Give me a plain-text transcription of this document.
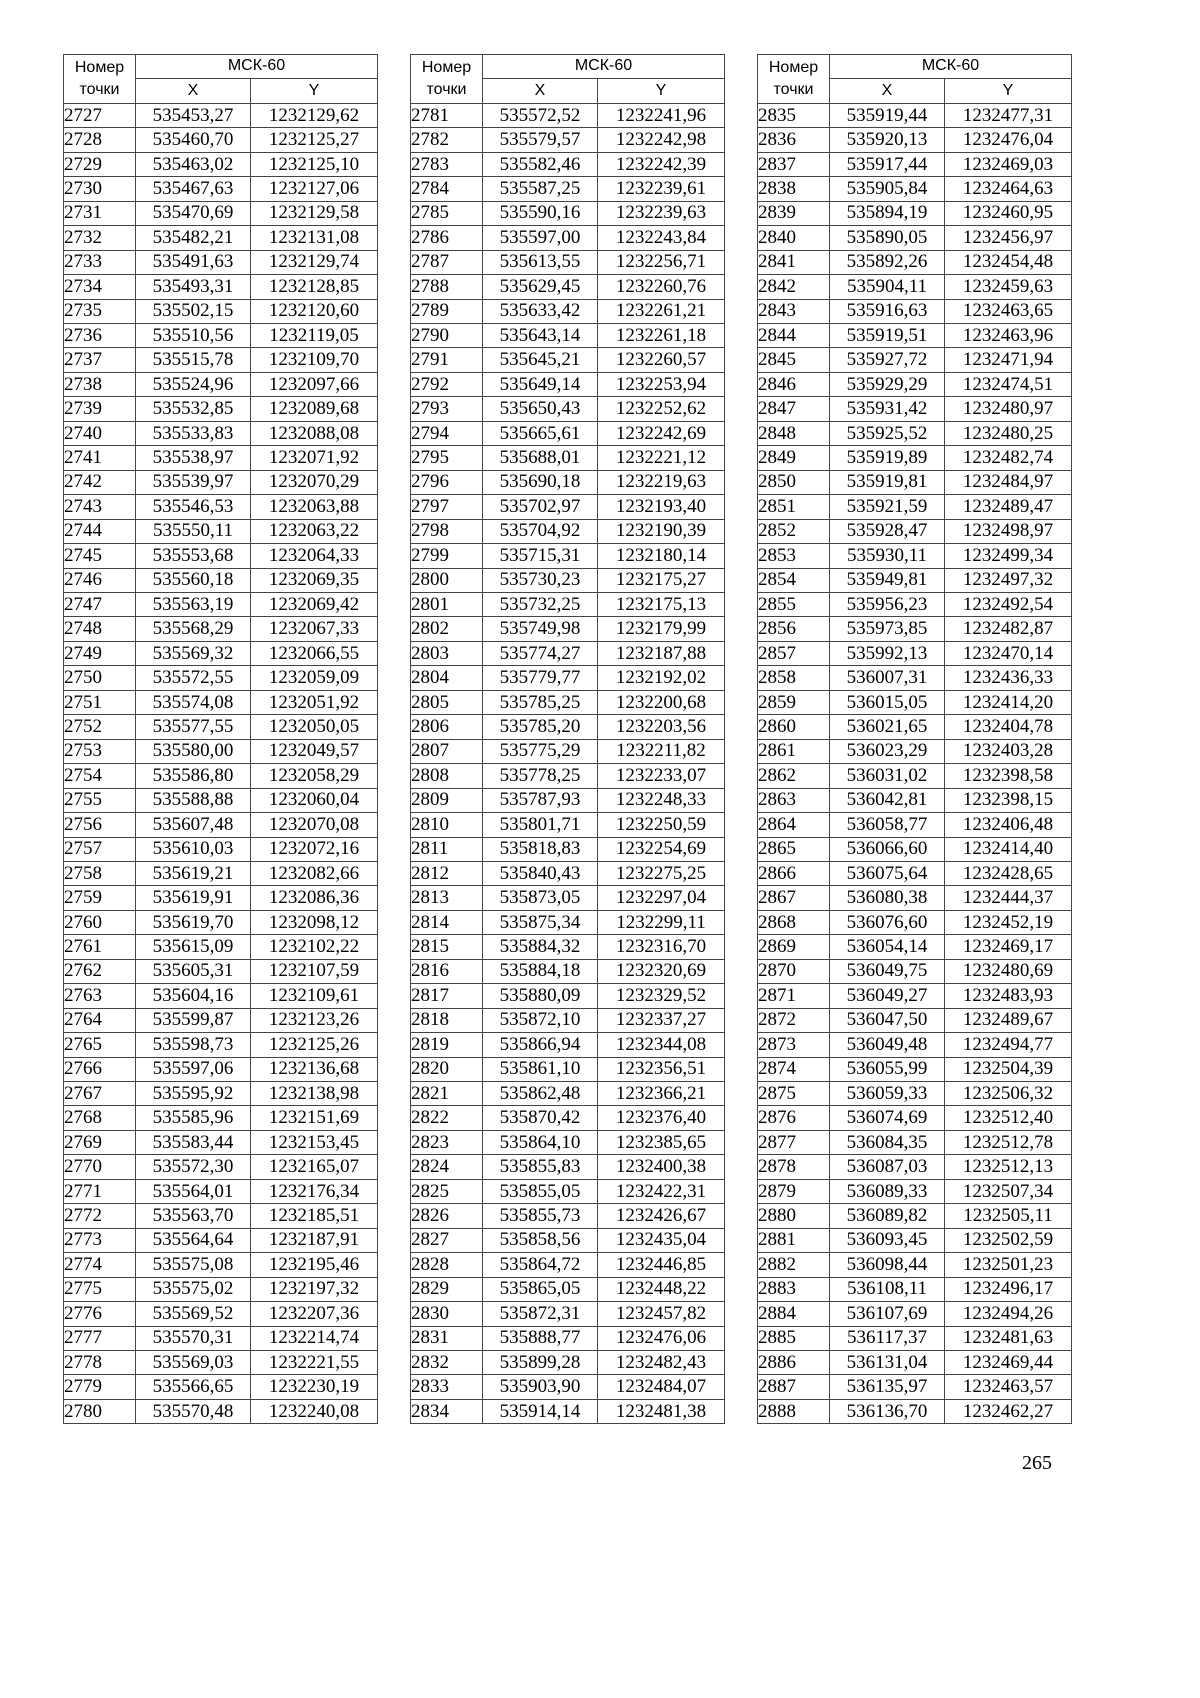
Номер
точки	МСК-60	
	X	Y
2727	535453,27	1232129,62
2728	535460,70	1232125,27
2729	535463,02	1232125,10
2730	535467,63	1232127,06
2731	535470,69	1232129,58
2732	535482,21	1232131,08
2733	535491,63	1232129,74
2734	535493,31	1232128,85
2735	535502,15	1232120,60
2736	535510,56	1232119,05
2737	535515,78	1232109,70
2738	535524,96	1232097,66
2739	535532,85	1232089,68
2740	535533,83	1232088,08
2741	535538,97	1232071,92
2742	535539,97	1232070,29
2743	535546,53	1232063,88
2744	535550,11	1232063,22
2745	535553,68	1232064,33
2746	535560,18	1232069,35
2747	535563,19	1232069,42
2748	535568,29	1232067,33
2749	535569,32	1232066,55
2750	535572,55	1232059,09
2751	535574,08	1232051,92
2752	535577,55	1232050,05
2753	535580,00	1232049,57
2754	535586,80	1232058,29
2755	535588,88	1232060,04
2756	535607,48	1232070,08
2757	535610,03	1232072,16
2758	535619,21	1232082,66
2759	535619,91	1232086,36
2760	535619,70	1232098,12
2761	535615,09	1232102,22
2762	535605,31	1232107,59
2763	535604,16	1232109,61
2764	535599,87	1232123,26
2765	535598,73	1232125,26
2766	535597,06	1232136,68
2767	535595,92	1232138,98
2768	535585,96	1232151,69
2769	535583,44	1232153,45
2770	535572,30	1232165,07
2771	535564,01	1232176,34
2772	535563,70	1232185,51
2773	535564,64	1232187,91
2774	535575,08	1232195,46
2775	535575,02	1232197,32
2776	535569,52	1232207,36
2777	535570,31	1232214,74
2778	535569,03	1232221,55
2779	535566,65	1232230,19
2780	535570,48	1232240,08
Номер
точки	МСК-60	
	X	Y
2781	535572,52	1232241,96
2782	535579,57	1232242,98
2783	535582,46	1232242,39
2784	535587,25	1232239,61
2785	535590,16	1232239,63
2786	535597,00	1232243,84
2787	535613,55	1232256,71
2788	535629,45	1232260,76
2789	535633,42	1232261,21
2790	535643,14	1232261,18
2791	535645,21	1232260,57
2792	535649,14	1232253,94
2793	535650,43	1232252,62
2794	535665,61	1232242,69
2795	535688,01	1232221,12
2796	535690,18	1232219,63
2797	535702,97	1232193,40
2798	535704,92	1232190,39
2799	535715,31	1232180,14
2800	535730,23	1232175,27
2801	535732,25	1232175,13
2802	535749,98	1232179,99
2803	535774,27	1232187,88
2804	535779,77	1232192,02
2805	535785,25	1232200,68
2806	535785,20	1232203,56
2807	535775,29	1232211,82
2808	535778,25	1232233,07
2809	535787,93	1232248,33
2810	535801,71	1232250,59
2811	535818,83	1232254,69
2812	535840,43	1232275,25
2813	535873,05	1232297,04
2814	535875,34	1232299,11
2815	535884,32	1232316,70
2816	535884,18	1232320,69
2817	535880,09	1232329,52
2818	535872,10	1232337,27
2819	535866,94	1232344,08
2820	535861,10	1232356,51
2821	535862,48	1232366,21
2822	535870,42	1232376,40
2823	535864,10	1232385,65
2824	535855,83	1232400,38
2825	535855,05	1232422,31
2826	535855,73	1232426,67
2827	535858,56	1232435,04
2828	535864,72	1232446,85
2829	535865,05	1232448,22
2830	535872,31	1232457,82
2831	535888,77	1232476,06
2832	535899,28	1232482,43
2833	535903,90	1232484,07
2834	535914,14	1232481,38
Номер
точки	МСК-60	
	X	Y
2835	535919,44	1232477,31
2836	535920,13	1232476,04
2837	535917,44	1232469,03
2838	535905,84	1232464,63
2839	535894,19	1232460,95
2840	535890,05	1232456,97
2841	535892,26	1232454,48
2842	535904,11	1232459,63
2843	535916,63	1232463,65
2844	535919,51	1232463,96
2845	535927,72	1232471,94
2846	535929,29	1232474,51
2847	535931,42	1232480,97
2848	535925,52	1232480,25
2849	535919,89	1232482,74
2850	535919,81	1232484,97
2851	535921,59	1232489,47
2852	535928,47	1232498,97
2853	535930,11	1232499,34
2854	535949,81	1232497,32
2855	535956,23	1232492,54
2856	535973,85	1232482,87
2857	535992,13	1232470,14
2858	536007,31	1232436,33
2859	536015,05	1232414,20
2860	536021,65	1232404,78
2861	536023,29	1232403,28
2862	536031,02	1232398,58
2863	536042,81	1232398,15
2864	536058,77	1232406,48
2865	536066,60	1232414,40
2866	536075,64	1232428,65
2867	536080,38	1232444,37
2868	536076,60	1232452,19
2869	536054,14	1232469,17
2870	536049,75	1232480,69
2871	536049,27	1232483,93
2872	536047,50	1232489,67
2873	536049,48	1232494,77
2874	536055,99	1232504,39
2875	536059,33	1232506,32
2876	536074,69	1232512,40
2877	536084,35	1232512,78
2878	536087,03	1232512,13
2879	536089,33	1232507,34
2880	536089,82	1232505,11
2881	536093,45	1232502,59
2882	536098,44	1232501,23
2883	536108,11	1232496,17
2884	536107,69	1232494,26
2885	536117,37	1232481,63
2886	536131,04	1232469,44
2887	536135,97	1232463,57
2888	536136,70	1232462,27
265
